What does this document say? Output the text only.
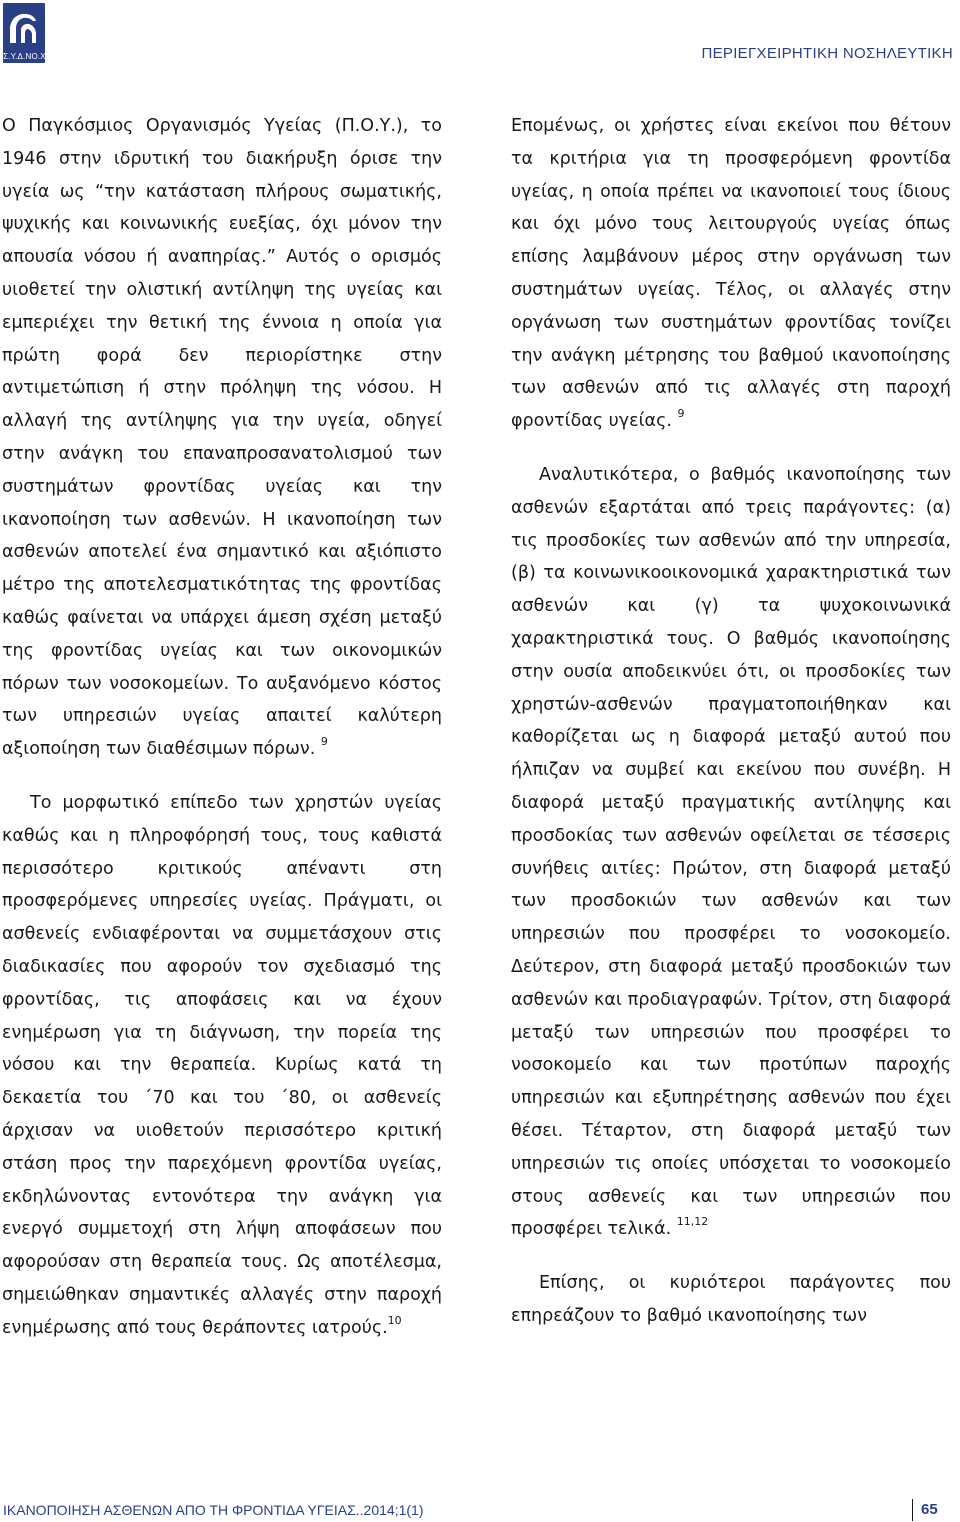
Σ.Υ.Δ.ΝΟ.Χ	ΠΕΡΙΕΓΧΕΙΡΗΤΙΚΗ ΝΟΣΗΛΕΥΤΙΚΗ

Ο Παγκόσμιος Οργανισμός Υγείας (Π.Ο.Υ.), το 1946 στην ιδρυτική του διακήρυξη όρισε την υγεία ως “την κατάσταση πλήρους σωματικής, ψυχικής και κοινωνικής ευεξίας, όχι μόνον την απουσία νόσου ή αναπηρίας.” Αυτός ο ορισμός υιοθετεί την ολιστική αντίληψη της υγείας και εμπεριέχει την θετική της έννοια η οποία για πρώτη φορά δεν περιορίστηκε στην αντιμετώπιση ή στην πρόληψη της νόσου. Η αλλαγή της αντίληψης για την υγεία, οδηγεί στην ανάγκη του επαναπροσανατολισμού των συστημάτων φροντίδας υγείας και την ικανοποίηση των ασθενών. Η ικανοποίηση των ασθενών αποτελεί ένα σημαντικό και αξιόπιστο μέτρο της αποτελεσματικότητας της φροντίδας καθώς φαίνεται να υπάρχει άμεση σχέση μεταξύ της φροντίδας υγείας και των οικονομικών πόρων των νοσοκομείων. Το αυξανόμενο κόστος των υπηρεσιών υγείας απαιτεί καλύτερη αξιοποίηση των διαθέσιμων πόρων. $^9$

Το μορφωτικό επίπεδο των χρηστών υγείας καθώς και η πληροφόρησή τους, τους καθιστά περισσότερο κριτικούς απέναντι στη προσφερόμενες υπηρεσίες υγείας. Πράγματι, οι ασθενείς ενδιαφέρονται να συμμετάσχουν στις διαδικασίες που αφορούν τον σχεδιασμό της φροντίδας, τις αποφάσεις και να έχουν ενημέρωση για τη διάγνωση, την πορεία της νόσου και την θεραπεία. Κυρίως κατά τη δεκαετία του ΄70 και του ΄80, οι ασθενείς άρχισαν να υιοθετούν περισσότερο κριτική στάση προς την παρεχόμενη φροντίδα υγείας, εκδηλώνοντας εντονότερα την ανάγκη για ενεργό συμμετοχή στη λήψη αποφάσεων που αφορούσαν στη θεραπεία τους. Ως αποτέλεσμα, σημειώθηκαν σημαντικές αλλαγές στην παροχή ενημέρωσης από τους θεράποντες ιατρούς.$^{10}$

Επομένως, οι χρήστες είναι εκείνοι που θέτουν τα κριτήρια για τη προσφερόμενη φροντίδα υγείας, η οποία πρέπει να ικανοποιεί τους ίδιους και όχι μόνο τους λειτουργούς υγείας όπως επίσης λαμβάνουν μέρος στην οργάνωση των συστημάτων υγείας. Τέλος, οι αλλαγές στην οργάνωση των συστημάτων φροντίδας τονίζει την ανάγκη μέτρησης του βαθμού ικανοποίησης των ασθενών από τις αλλαγές στη παροχή φροντίδας υγείας. $^9$

Αναλυτικότερα, ο βαθμός ικανοποίησης των ασθενών εξαρτάται από τρεις παράγοντες: (α) τις προσδοκίες των ασθενών από την υπηρεσία, (β) τα κοινωνικοοικονομικά χαρακτηριστικά των ασθενών και (γ) τα ψυχοκοινωνικά χαρακτηριστικά τους. Ο βαθμός ικανοποίησης στην ουσία αποδεικνύει ότι, οι προσδοκίες των χρηστών-ασθενών πραγματοποιήθηκαν και καθορίζεται ως η διαφορά μεταξύ αυτού που ήλπιζαν να συμβεί και εκείνου που συνέβη. Η διαφορά μεταξύ πραγματικής αντίληψης και προσδοκίας των ασθενών οφείλεται σε τέσσερις συνήθεις αιτίες: Πρώτον, στη διαφορά μεταξύ των προσδοκιών των ασθενών και των υπηρεσιών που προσφέρει το νοσοκομείο. Δεύτερον, στη διαφορά μεταξύ προσδοκιών των ασθενών και προδιαγραφών. Τρίτον, στη διαφορά μεταξύ των υπηρεσιών που προσφέρει το νοσοκομείο και των προτύπων παροχής υπηρεσιών και εξυπηρέτησης ασθενών που έχει θέσει. Τέταρτον, στη διαφορά μεταξύ των υπηρεσιών τις οποίες υπόσχεται το νοσοκομείο στους ασθενείς και των υπηρεσιών που προσφέρει τελικά. $^{11,12}$

Επίσης, οι κυριότεροι παράγοντες που επηρεάζουν το βαθμό ικανοποίησης των

ΙΚΑΝΟΠΟΙΗΣΗ ΑΣΘΕΝΩΝ ΑΠΟ ΤΗ ΦΡΟΝΤΙΔΑ ΥΓΕΙΑΣ..2014;1(1)	65
